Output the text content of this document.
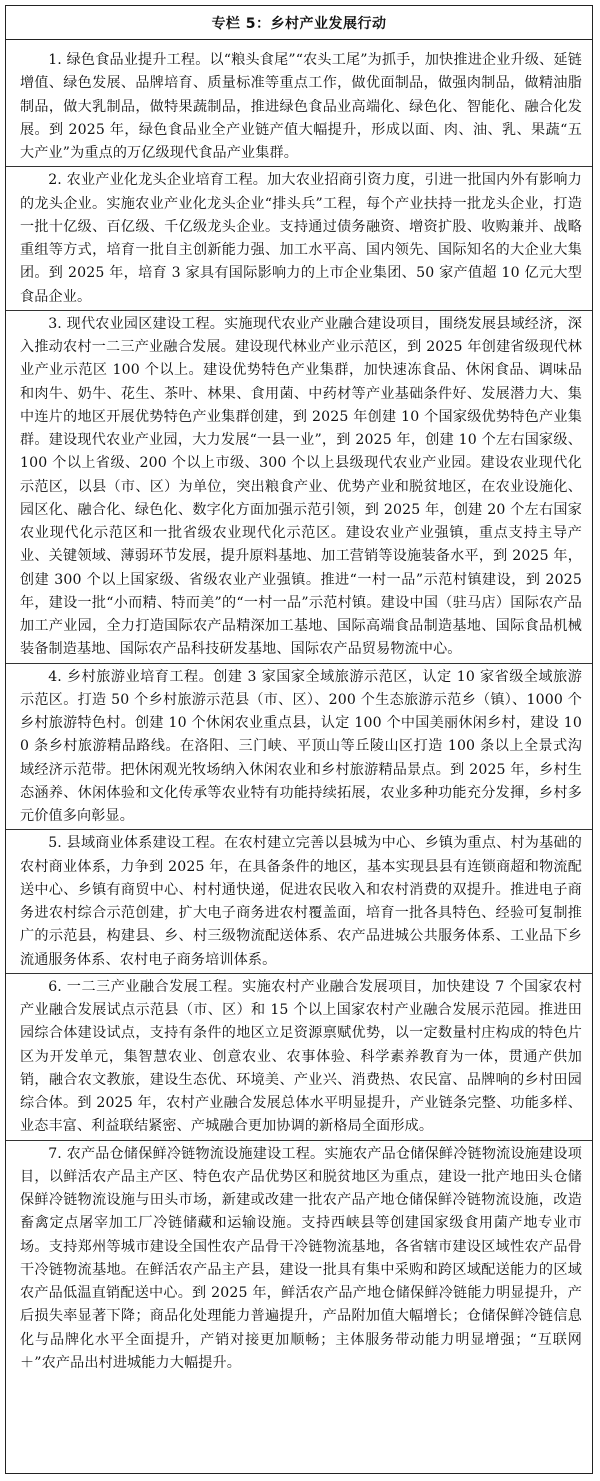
专栏 5：乡村产业发展行动

1. 绿色食品业提升工程。以“粮头食尾”“农头工尾”为抓手，加快推进企业升级、延链增值、绿色发展、品牌培育、质量标准等重点工作，做优面制品，做强肉制品，做精油脂制品，做大乳制品，做特果蔬制品，推进绿色食品业高端化、绿色化、智能化、融合化发展。到 2025 年，绿色食品业全产业链产值大幅提升，形成以面、肉、油、乳、果蔬“五大产业”为重点的万亿级现代食品产业集群。

2. 农业产业化龙头企业培育工程。加大农业招商引资力度，引进一批国内外有影响力的龙头企业。实施农业产业化龙头企业“排头兵”工程，每个产业扶持一批龙头企业，打造一批十亿级、百亿级、千亿级龙头企业。支持通过债务融资、增资扩股、收购兼并、战略重组等方式，培育一批自主创新能力强、加工水平高、国内领先、国际知名的大企业大集团。到 2025 年，培育 3 家具有国际影响力的上市企业集团、50 家产值超 10 亿元大型食品企业。

3. 现代农业园区建设工程。实施现代农业产业融合建设项目，围绕发展县域经济，深入推动农村一二三产业融合发展。建设现代林业产业示范区，到 2025 年创建省级现代林业产业示范区 100 个以上。建设优势特色产业集群，加快速冻食品、休闲食品、调味品和肉牛、奶牛、花生、茶叶、林果、食用菌、中药材等产业基础条件好、发展潜力大、集中连片的地区开展优势特色产业集群创建，到 2025 年创建 10 个国家级优势特色产业集群。建设现代农业产业园，大力发展“一县一业”，到 2025 年，创建 10 个左右国家级、100 个以上省级、200 个以上市级、300 个以上县级现代农业产业园。建设农业现代化示范区，以县（市、区）为单位，突出粮食产业、优势产业和脱贫地区，在农业设施化、园区化、融合化、绿色化、数字化方面加强示范引领，到 2025 年，创建 20 个左右国家农业现代化示范区和一批省级农业现代化示范区。建设农业产业强镇，重点支持主导产业、关键领域、薄弱环节发展，提升原料基地、加工营销等设施装备水平，到 2025 年，创建 300 个以上国家级、省级农业产业强镇。推进“一村一品”示范村镇建设，到 2025 年，建设一批“小而精、特而美”的“一村一品”示范村镇。建设中国（驻马店）国际农产品加工产业园，全力打造国际农产品精深加工基地、国际高端食品制造基地、国际食品机械装备制造基地、国际农产品科技研发基地、国际农产品贸易物流中心。

4. 乡村旅游业培育工程。创建 3 家国家全域旅游示范区，认定 10 家省级全域旅游示范区。打造 50 个乡村旅游示范县（市、区）、200 个生态旅游示范乡（镇）、1000 个乡村旅游特色村。创建 10 个休闲农业重点县，认定 100 个中国美丽休闲乡村，建设 100 条乡村旅游精品路线。在洛阳、三门峡、平顶山等丘陵山区打造 100 条以上全景式沟域经济示范带。把休闲观光牧场纳入休闲农业和乡村旅游精品景点。到 2025 年，乡村生态涵养、休闲体验和文化传承等农业特有功能持续拓展，农业多种功能充分发揮，乡村多元价值多向彰显。

5. 县域商业体系建设工程。在农村建立完善以县城为中心、乡镇为重点、村为基础的农村商业体系，力争到 2025 年，在具备条件的地区，基本实现县县有连锁商超和物流配送中心、乡镇有商贸中心、村村通快递，促进农民收入和农村消费的双提升。推进电子商务进农村综合示范创建，扩大电子商务进农村覆盖面，培育一批各具特色、经验可复制推广的示范县，构建县、乡、村三级物流配送体系、农产品进城公共服务体系、工业品下乡流通服务体系、农村电子商务培训体系。

6. 一二三产业融合发展工程。实施农村产业融合发展项目，加快建设 7 个国家农村产业融合发展试点示范县（市、区）和 15 个以上国家农村产业融合发展示范园。推进田园综合体建设试点，支持有条件的地区立足资源禀赋优势，以一定数量村庄构成的特色片区为开发单元，集智慧农业、创意农业、农事体验、科学素养教育为一体，贯通产供加销，融合农文教旅，建设生态优、环境美、产业兴、消费热、农民富、品牌响的乡村田园综合体。到 2025 年，农村产业融合发展总体水平明显提升，产业链条完整、功能多样、业态丰富、利益联结紧密、产城融合更加协调的新格局全面形成。

7. 农产品仓储保鲜冷链物流设施建设工程。实施农产品仓储保鲜冷链物流设施建设项目，以鲜活农产品主产区、特色农产品优势区和脱贫地区为重点，建设一批产地田头仓储保鲜冷链物流设施与田头市场，新建或改建一批农产品产地仓储保鲜冷链物流设施，改造畜禽定点屠宰加工厂冷链储藏和运输设施。支持西峡县等创建国家级食用菌产地专业市场。支持郑州等城市建设全国性农产品骨干冷链物流基地，各省辖市建设区域性农产品骨干冷链物流基地。在鲜活农产品主产县，建设一批具有集中采购和跨区域配送能力的区域农产品低温直销配送中心。到 2025 年，鲜活农产品产地仓储保鲜冷链能力明显提升，产后损失率显著下降；商品化处理能力普遍提升，产品附加值大幅增长；仓储保鲜冷链信息化与品牌化水平全面提升，产销对接更加顺畅；主体服务带动能力明显增强；“互联网＋”农产品出村进城能力大幅提升。
